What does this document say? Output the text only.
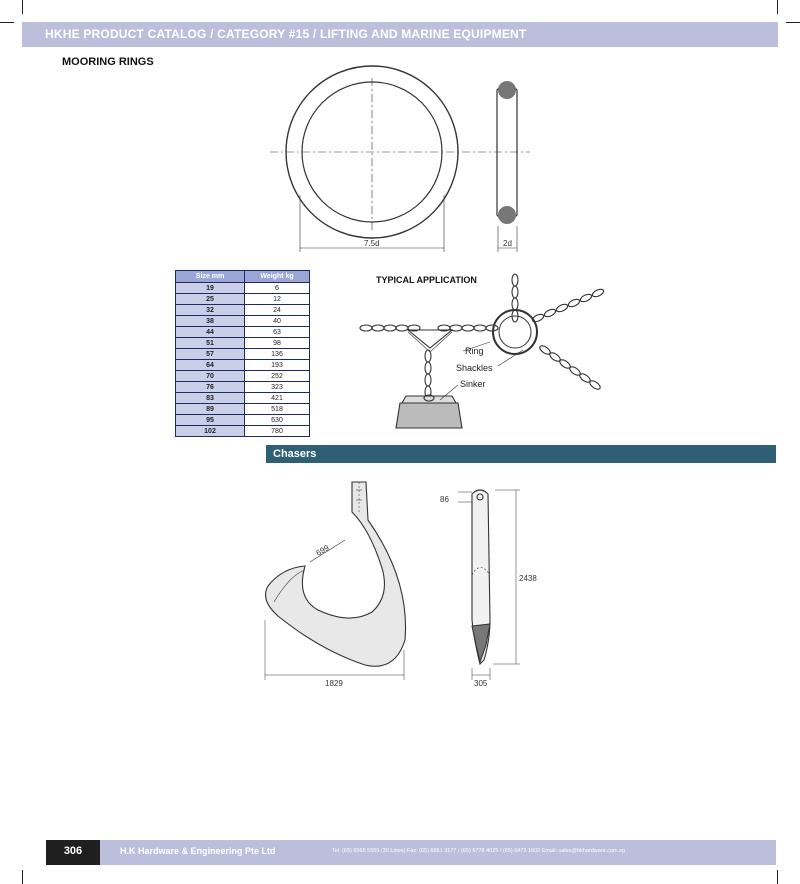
HKHE PRODUCT CATALOG / CATEGORY #15 / LIFTING AND MARINE EQUIPMENT
MOORING RINGS
7.5d	2d
Size mm	Weight kg
19	6
25	12
32	24
38	40
44	63
51	98
57	136
64	193
70	252
76	323
83	421
89	518
95	630
102	780
TYPICAL APPLICATION
Ring
Shackles
Sinker
Chasers
699
1829
86
2438
305
306	H.K Hardware & Engineering Pte Ltd	Tel: (65) 6565 5555 (30 Lines) Fax: (65) 6861 3177 / (65) 6778 4025 / (65) 6473 1602 Email: sales@hkhardware.com.sg
